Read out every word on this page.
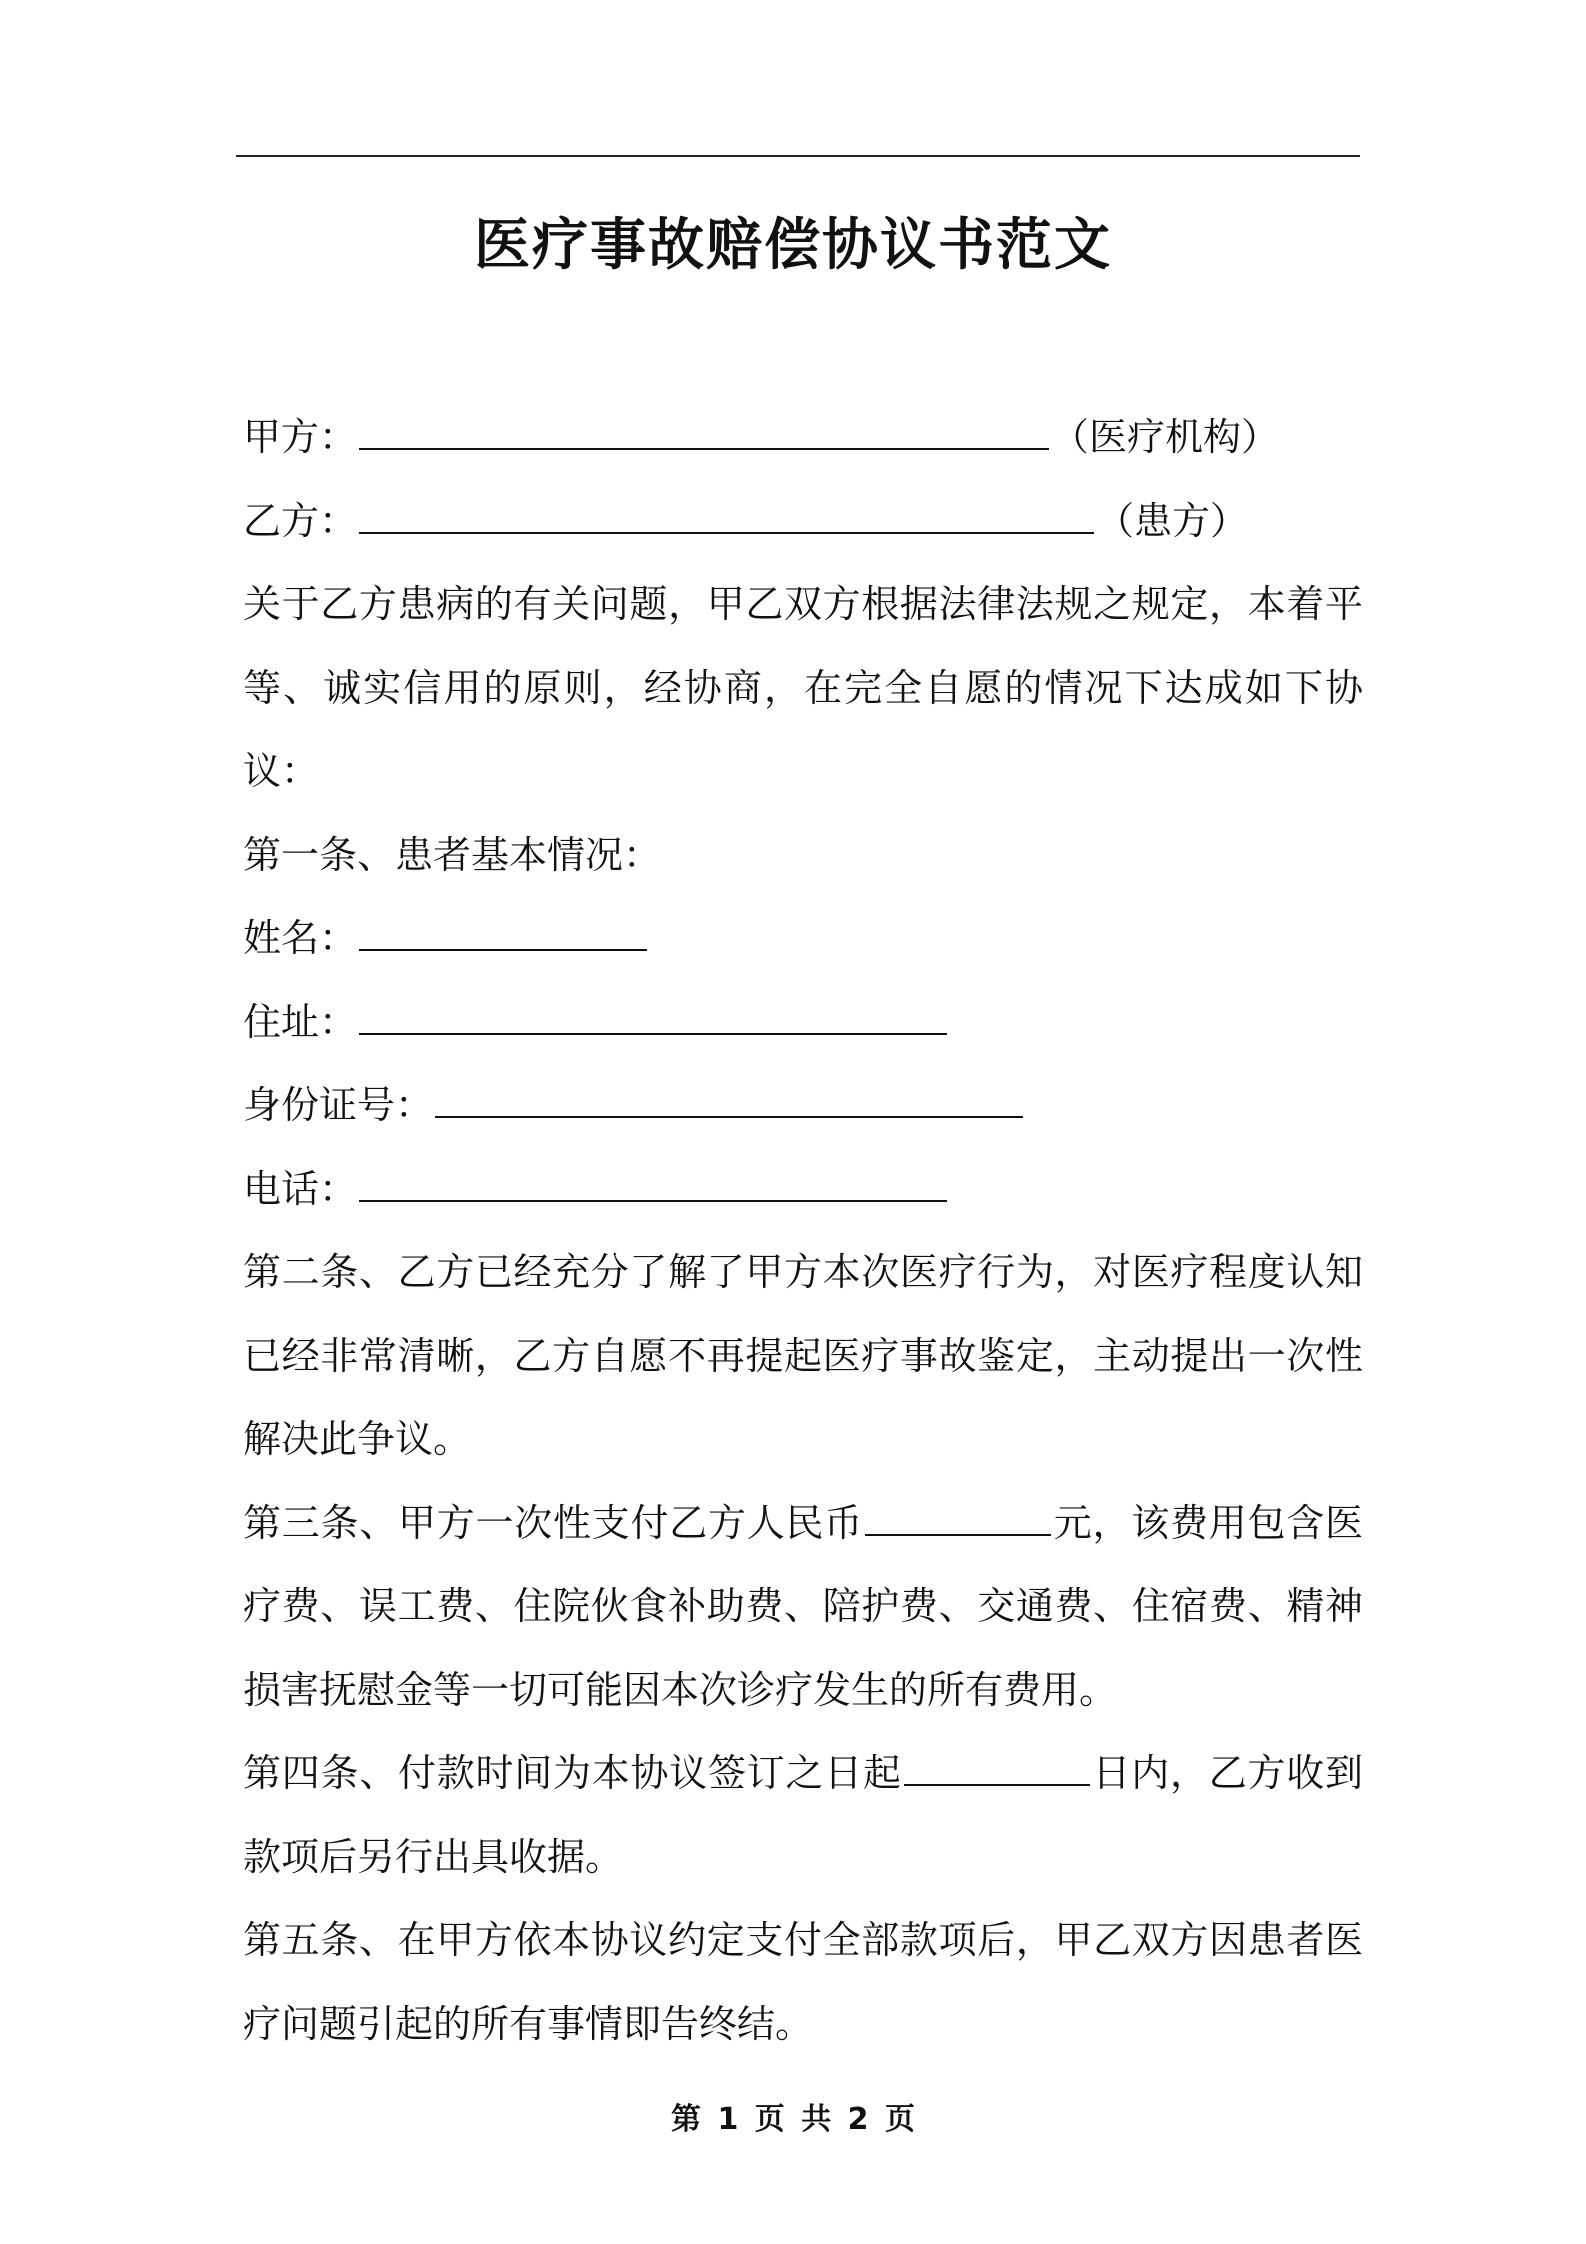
医疗事故赔偿协议书范文
甲方：	（医疗机构）
乙方：	（患方）
关于乙方患病的有关问题，甲乙双方根据法律法规之规定，本着平等、诚实信用的原则，经协商，在完全自愿的情况下达成如下协议：
第一条、患者基本情况：
姓名：
住址：
身份证号：
电话：
第二条、乙方已经充分了解了甲方本次医疗行为，对医疗程度认知已经非常清晰，乙方自愿不再提起医疗事故鉴定，主动提出一次性解决此争议。
第三条、甲方一次性支付乙方人民币	元，该费用包含医疗费、误工费、住院伙食补助费、陪护费、交通费、住宿费、精神损害抚慰金等一切可能因本次诊疗发生的所有费用。
第四条、付款时间为本协议签订之日起	日内，乙方收到款项后另行出具收据。
第五条、在甲方依本协议约定支付全部款项后，甲乙双方因患者医疗问题引起的所有事情即告终结。
第 1 页 共 2 页
